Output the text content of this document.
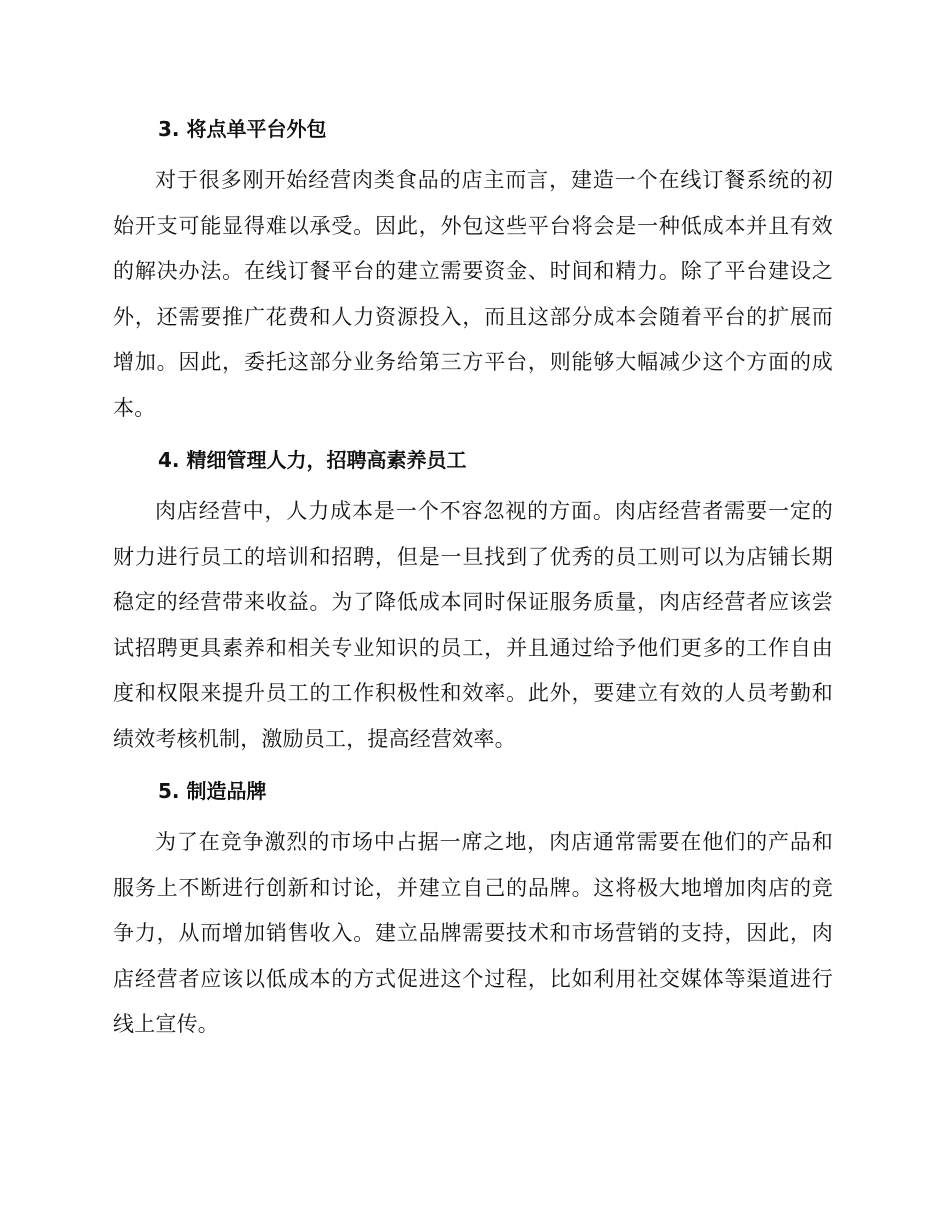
3. 将点单平台外包

对于很多刚开始经营肉类食品的店主而言，建造一个在线订餐系统的初始开支可能显得难以承受。因此，外包这些平台将会是一种低成本并且有效的解决办法。在线订餐平台的建立需要资金、时间和精力。除了平台建设之外，还需要推广花费和人力资源投入，而且这部分成本会随着平台的扩展而增加。因此，委托这部分业务给第三方平台，则能够大幅减少这个方面的成本。

4. 精细管理人力，招聘高素养员工

肉店经营中，人力成本是一个不容忽视的方面。肉店经营者需要一定的财力进行员工的培训和招聘，但是一旦找到了优秀的员工则可以为店铺长期稳定的经营带来收益。为了降低成本同时保证服务质量，肉店经营者应该尝试招聘更具素养和相关专业知识的员工，并且通过给予他们更多的工作自由度和权限来提升员工的工作积极性和效率。此外，要建立有效的人员考勤和绩效考核机制，激励员工，提高经营效率。

5. 制造品牌

为了在竞争激烈的市场中占据一席之地，肉店通常需要在他们的产品和服务上不断进行创新和讨论，并建立自己的品牌。这将极大地增加肉店的竞争力，从而增加销售收入。建立品牌需要技术和市场营销的支持，因此，肉店经营者应该以低成本的方式促进这个过程，比如利用社交媒体等渠道进行线上宣传。
